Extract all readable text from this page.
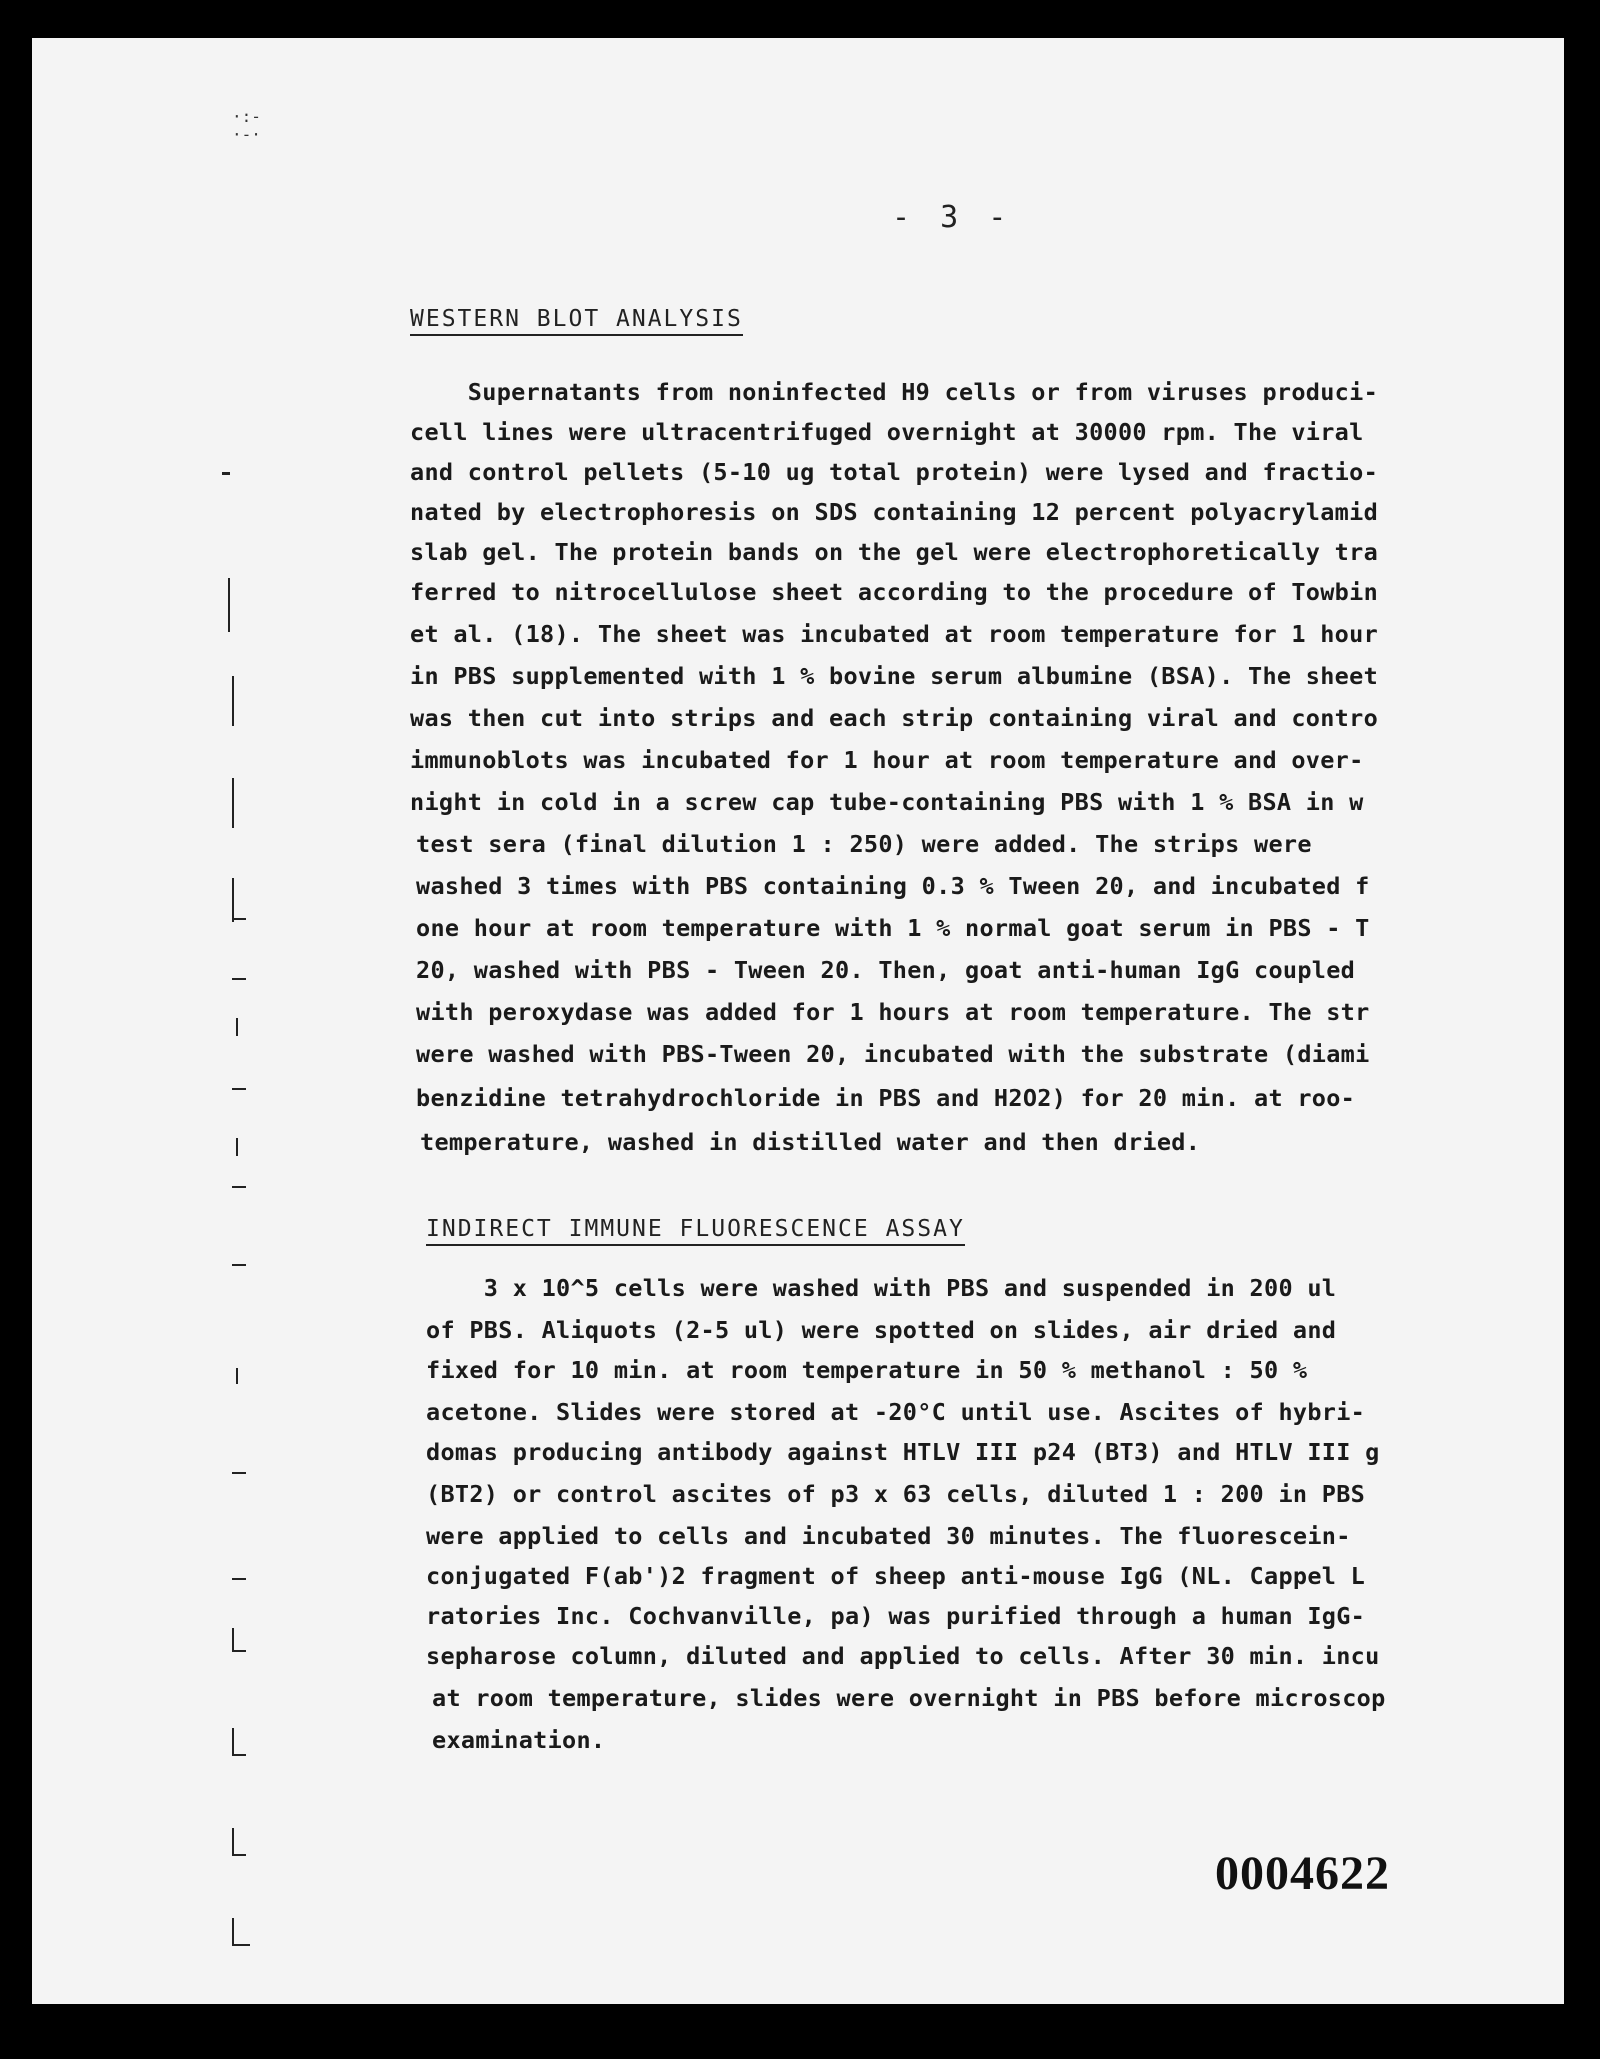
·:‐
·-·
- 3 -
WESTERN BLOT ANALYSIS
Supernatants from noninfected H9 cells or from viruses produci-
cell lines were ultracentrifuged overnight at 30000 rpm. The viral
and control pellets (5-10 ug total protein) were lysed and fractio-
nated by electrophoresis on SDS containing 12 percent polyacrylamid
slab gel. The protein bands on the gel were electrophoretically tra
ferred to nitrocellulose sheet according to the procedure of Towbin
et al. (18). The sheet was incubated at room temperature for 1 hour
in PBS supplemented with 1 % bovine serum albumine (BSA). The sheet
was then cut into strips and each strip containing viral and contro
immunoblots was incubated for 1 hour at room temperature and over-
night in cold in a screw cap tube-containing PBS with 1 % BSA in w
test sera (final dilution 1 : 250) were added. The strips were
washed 3 times with PBS containing 0.3 % Tween 20, and incubated f
one hour at room temperature with 1 % normal goat serum in PBS - T
20, washed with PBS - Tween 20. Then, goat anti-human IgG coupled
with peroxydase was added for 1 hours at room temperature. The str
were washed with PBS-Tween 20, incubated with the substrate (diami
benzidine tetrahydrochloride in PBS and H2O2) for 20 min. at roo-
temperature, washed in distilled water and then dried.
INDIRECT IMMUNE FLUORESCENCE ASSAY
3 x 10^5 cells were washed with PBS and suspended in 200 ul
of PBS. Aliquots (2-5 ul) were spotted on slides, air dried and
fixed for 10 min. at room temperature in 50 % methanol : 50 %
acetone. Slides were stored at -20°C until use. Ascites of hybri-
domas producing antibody against HTLV III p24 (BT3) and HTLV III g
(BT2) or control ascites of p3 x 63 cells, diluted 1 : 200 in PBS
were applied to cells and incubated 30 minutes. The fluorescein-
conjugated F(ab')2 fragment of sheep anti-mouse IgG (NL. Cappel L
ratories Inc. Cochvanville, pa) was purified through a human IgG-
sepharose column, diluted and applied to cells. After 30 min. incu
at room temperature, slides were overnight in PBS before microscop
examination.
0004622
